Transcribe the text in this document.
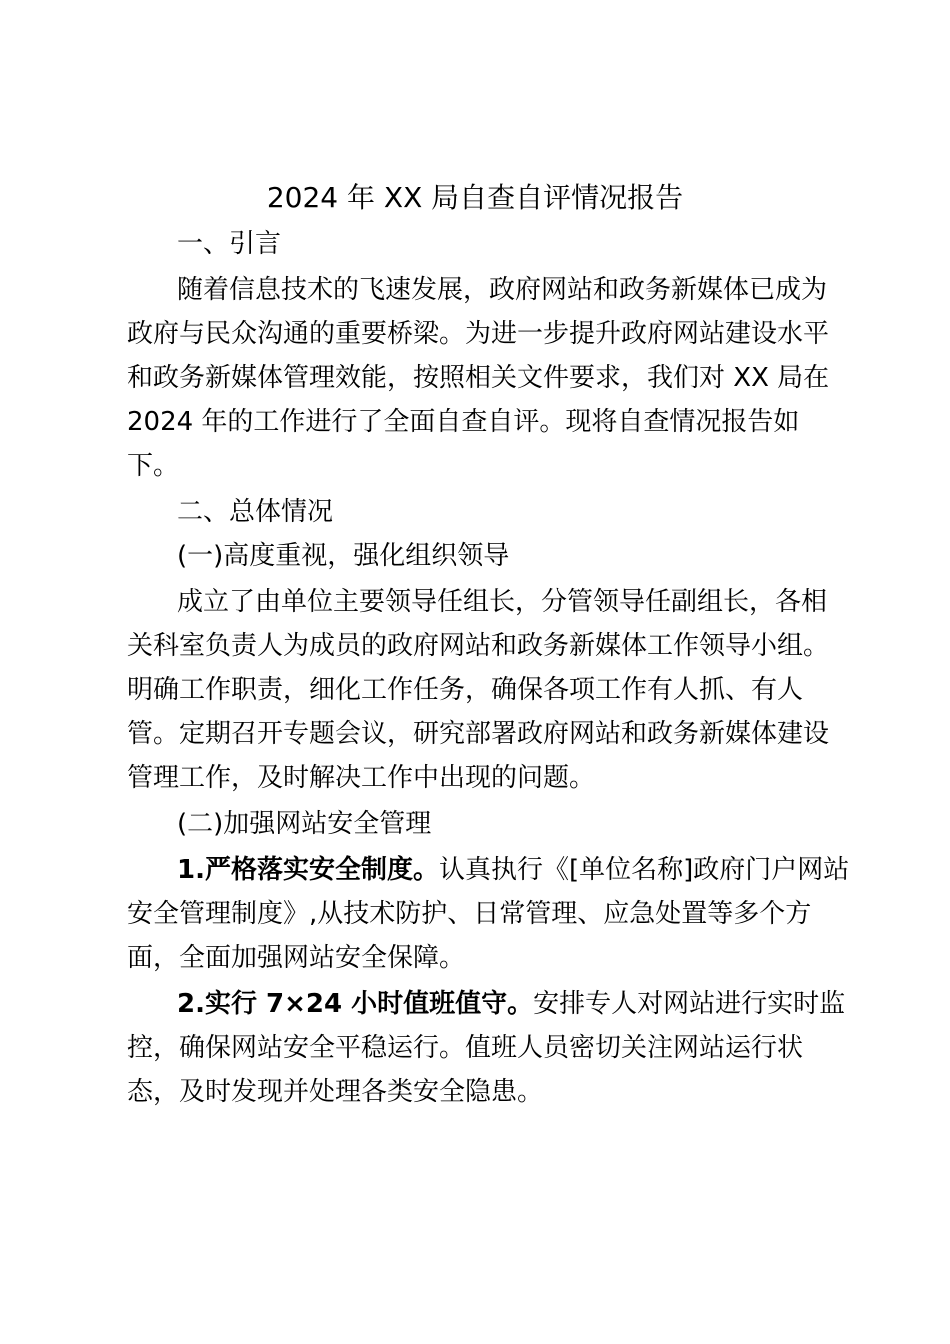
2024 年 XX 局自查自评情况报告
一、引言
随着信息技术的飞速发展，政府网站和政务新媒体已成为
政府与民众沟通的重要桥梁。为进一步提升政府网站建设水平
和政务新媒体管理效能，按照相关文件要求，我们对 XX 局在
2024 年的工作进行了全面自查自评。现将自查情况报告如
下。
二、总体情况
(一)高度重视，强化组织领导
成立了由单位主要领导任组长，分管领导任副组长，各相
关科室负责人为成员的政府网站和政务新媒体工作领导小组。
明确工作职责，细化工作任务，确保各项工作有人抓、有人
管。定期召开专题会议，研究部署政府网站和政务新媒体建设
管理工作，及时解决工作中出现的问题。
(二)加强网站安全管理
1.严格落实安全制度。认真执行《[单位名称]政府门户网站
安全管理制度》,从技术防护、日常管理、应急处置等多个方
面，全面加强网站安全保障。
2.实行 7×24 小时值班值守。安排专人对网站进行实时监
控，确保网站安全平稳运行。值班人员密切关注网站运行状
态，及时发现并处理各类安全隐患。
